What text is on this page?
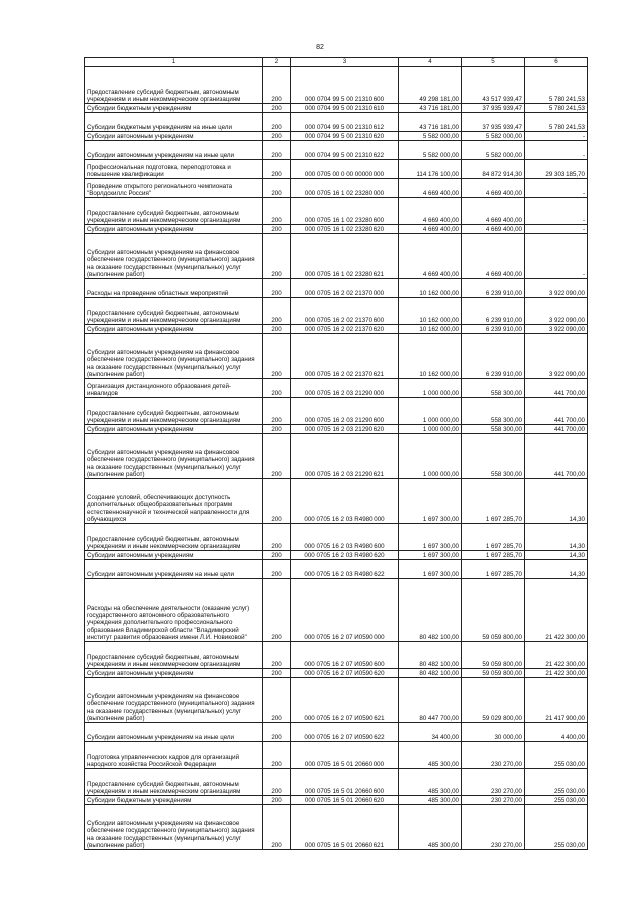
82
1	2	3	4	5	6
Предоставление субсидий бюджетным, автономным учреждениям и иным некоммерческим организациям	200	000 0704 99 5 00 21310 600	49 298 181,00	43 517 939,47	5 780 241,53
Субсидии бюджетным учреждениям	200	000 0704 99 5 00 21310 610	43 716 181,00	37 935 939,47	5 780 241,53
Субсидии бюджетным учреждениям на иные цели	200	000 0704 99 5 00 21310 612	43 716 181,00	37 935 939,47	5 780 241,53
Субсидии автономным учреждениям	200	000 0704 99 5 00 21310 620	5 582 000,00	5 582 000,00	-
Субсидии автономным учреждениям на иные цели	200	000 0704 99 5 00 21310 622	5 582 000,00	5 582 000,00	-
Профессиональная подготовка, переподготовка и повышение квалификации	200	000 0705 00 0 00 00000 000	114 176 100,00	84 872 914,30	29 303 185,70
Проведение открытого регионального чемпионата "Ворлдскиллс Россия"	200	000 0705 16 1 02 23280 000	4 669 400,00	4 669 400,00	-
Предоставление субсидий бюджетным, автономным учреждениям и иным некоммерческим организациям	200	000 0705 16 1 02 23280 600	4 669 400,00	4 669 400,00	-
Субсидии автономным учреждениям	200	000 0705 16 1 02 23280 620	4 669 400,00	4 669 400,00	-
Субсидии автономным учреждениям на финансовое обеспечение государственного (муниципального) задания на оказание государственных (муниципальных) услуг (выполнение работ)	200	000 0705 16 1 02 23280 621	4 669 400,00	4 669 400,00	-
Расходы на проведение областных мероприятий	200	000 0705 16 2 02 21370 000	10 162 000,00	6 239 910,00	3 922 090,00
Предоставление субсидий бюджетным, автономным учреждениям и иным некоммерческим организациям	200	000 0705 16 2 02 21370 600	10 162 000,00	6 239 910,00	3 922 090,00
Субсидии автономным учреждениям	200	000 0705 16 2 02 21370 620	10 162 000,00	6 239 910,00	3 922 090,00
Субсидии автономным учреждениям на финансовое обеспечение государственного (муниципального) задания на оказание государственных (муниципальных) услуг (выполнение работ)	200	000 0705 16 2 02 21370 621	10 162 000,00	6 239 910,00	3 922 090,00
Организация дистанционного образования детей-инвалидов	200	000 0705 16 2 03 21290 000	1 000 000,00	558 300,00	441 700,00
Предоставление субсидий бюджетным, автономным учреждениям и иным некоммерческим организациям	200	000 0705 16 2 03 21290 600	1 000 000,00	558 300,00	441 700,00
Субсидии автономным учреждениям	200	000 0705 16 2 03 21290 620	1 000 000,00	558 300,00	441 700,00
Субсидии автономным учреждениям на финансовое обеспечение государственного (муниципального) задания на оказание государственных (муниципальных) услуг (выполнение работ)	200	000 0705 16 2 03 21290 621	1 000 000,00	558 300,00	441 700,00
Создание условий, обеспечивающих доступность дополнительных общеобразовательных программ естественнонаучной и технической направленности для обучающихся	200	000 0705 16 2 03 R4980 000	1 697 300,00	1 697 285,70	14,30
Предоставление субсидий бюджетным, автономным учреждениям и иным некоммерческим организациям	200	000 0705 16 2 03 R4980 600	1 697 300,00	1 697 285,70	14,30
Субсидии автономным учреждениям	200	000 0705 16 2 03 R4980 620	1 697 300,00	1 697 285,70	14,30
Субсидии автономным учреждениям на иные цели	200	000 0705 16 2 03 R4980 622	1 697 300,00	1 697 285,70	14,30
Расходы на обеспечение деятельности (оказание услуг) государственного автономного образовательного учреждения дополнительного профессионального образования Владимирской области "Владимирский институт развития образования имени Л.И. Новиковой"	200	000 0705 16 2 07 И0590 000	80 482 100,00	59 059 800,00	21 422 300,00
Предоставление субсидий бюджетным, автономным учреждениям и иным некоммерческим организациям	200	000 0705 16 2 07 И0590 600	80 482 100,00	59 059 800,00	21 422 300,00
Субсидии автономным учреждениям	200	000 0705 16 2 07 И0590 620	80 482 100,00	59 059 800,00	21 422 300,00
Субсидии автономным учреждениям на финансовое обеспечение государственного (муниципального) задания на оказание государственных (муниципальных) услуг (выполнение работ)	200	000 0705 16 2 07 И0590 621	80 447 700,00	59 029 800,00	21 417 900,00
Субсидии автономным учреждениям на иные цели	200	000 0705 16 2 07 И0590 622	34 400,00	30 000,00	4 400,00
Подготовка управленческих кадров для организаций народного хозяйства Российской Федерации	200	000 0705 16 5 01 20660 000	485 300,00	230 270,00	255 030,00
Предоставление субсидий бюджетным, автономным учреждениям и иным некоммерческим организациям	200	000 0705 16 5 01 20660 600	485 300,00	230 270,00	255 030,00
Субсидии бюджетным учреждениям	200	000 0705 16 5 01 20660 620	485 300,00	230 270,00	255 030,00
Субсидии автономным учреждениям на финансовое обеспечение государственного (муниципального) задания на оказание государственных (муниципальных) услуг (выполнение работ)	200	000 0705 16 5 01 20660 621	485 300,00	230 270,00	255 030,00
